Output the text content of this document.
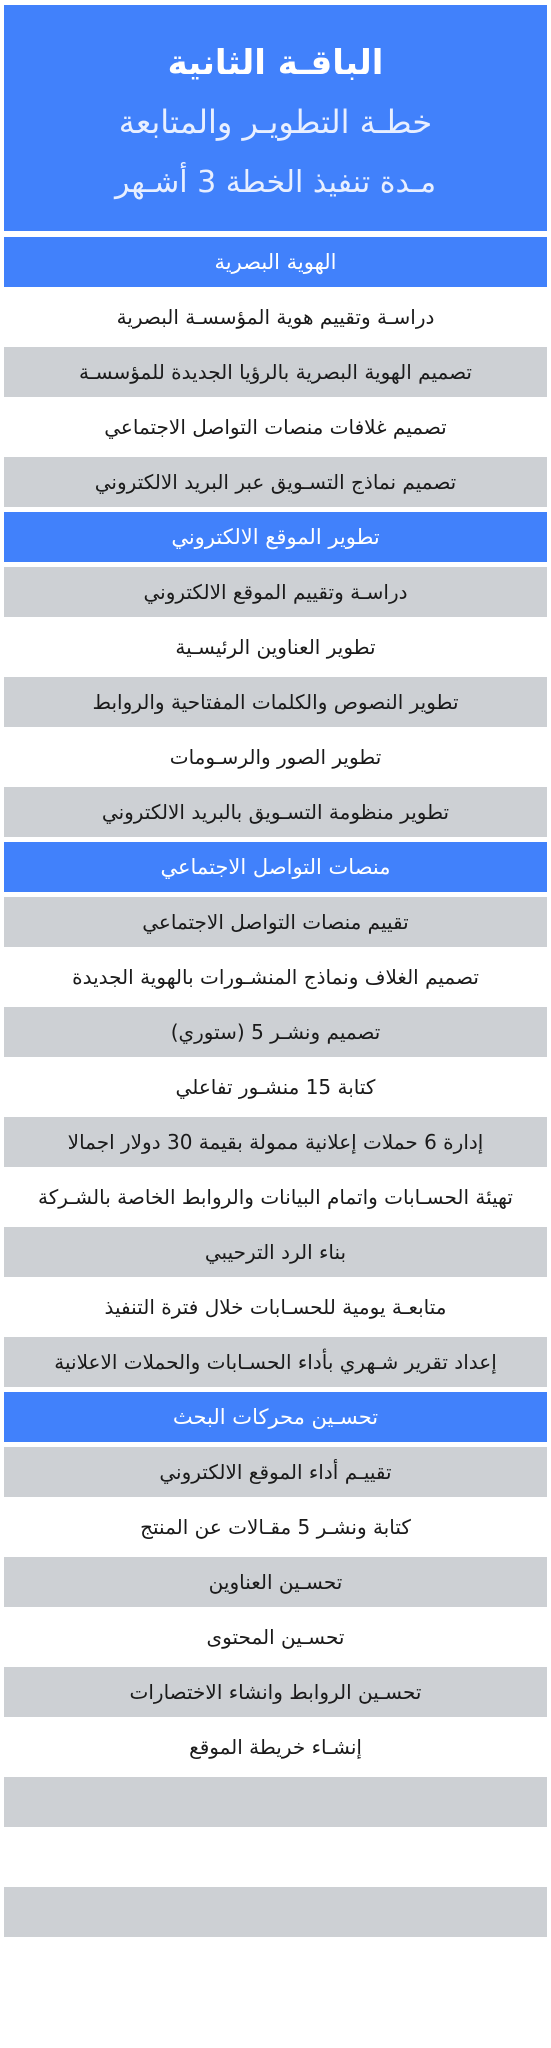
الباقـة الثانية
خطـة التطويـر والمتابعة
مـدة تنفيذ الخطة 3 أشـهر
الهوية البصرية
دراسـة وتقييم هوية المؤسسـة البصرية
تصميم الهوية البصرية بالرؤيا الجديدة للمؤسسـة
تصميم غلافات منصات التواصل الاجتماعي
تصميم نماذج التسـويق عبر البريد الالكتروني
تطوير الموقع الالكتروني
دراسـة وتقييم الموقع الالكتروني
تطوير العناوين الرئيسـية
تطوير النصوص والكلمات المفتاحية والروابط
تطوير الصور والرسـومات
تطوير منظومة التسـويق بالبريد الالكتروني
منصات التواصل الاجتماعي
تقييم منصات التواصل الاجتماعي
تصميم الغلاف ونماذج المنشـورات بالهوية الجديدة
تصميم ونشـر 5 (ستوري)
كتابة 15 منشـور تفاعلي
إدارة 6 حملات إعلانية ممولة بقيمة 30 دولار اجمالا
تهيئة الحسـابات واتمام البيانات والروابط الخاصة بالشـركة
بناء الرد الترحيبي
متابعـة يومية للحسـابات خلال فترة التنفيذ
إعداد تقرير شـهري بأداء الحسـابات والحملات الاعلانية
تحسـين محركات البحث
تقييـم أداء الموقع الالكتروني
كتابة ونشـر 5 مقـالات عن المنتج
تحسـين العناوين
تحسـين المحتوى
تحسـين الروابط وانشاء الاختصارات
إنشـاء خريطة الموقع
